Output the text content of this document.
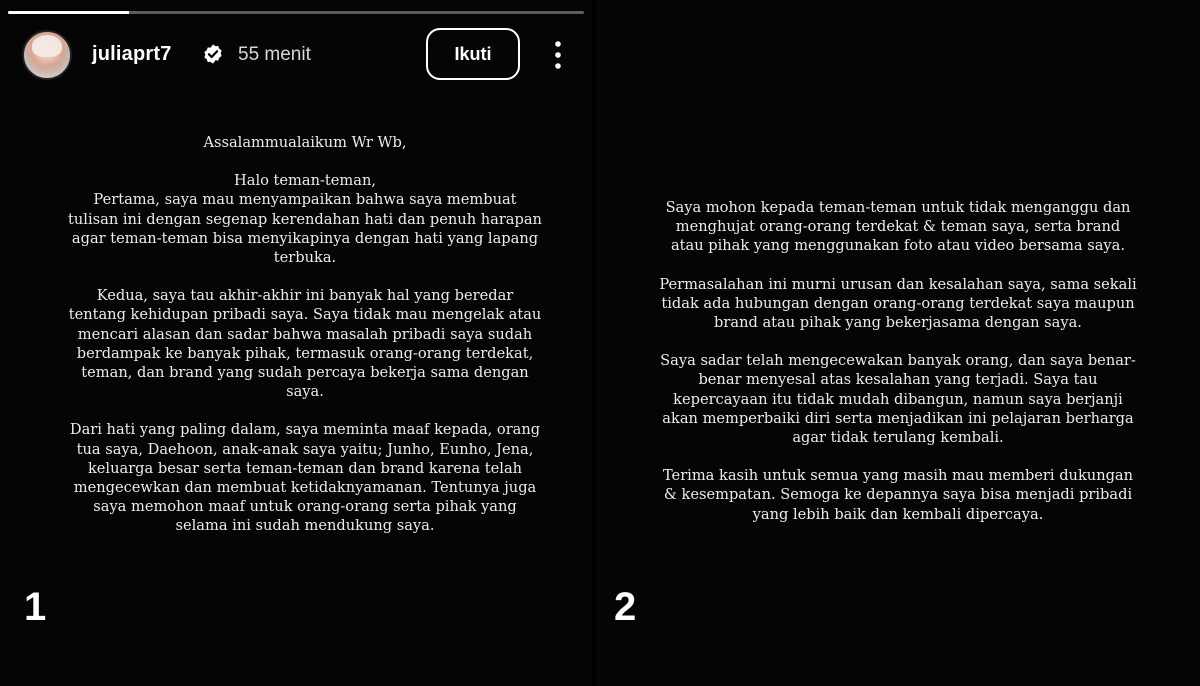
juliaprt7	55 menit	Ikuti

Assalammualaikum Wr Wb,

Halo teman-teman,
Pertama, saya mau menyampaikan bahwa saya membuat
tulisan ini dengan segenap kerendahan hati dan penuh harapan
agar teman-teman bisa menyikapinya dengan hati yang lapang
terbuka.

Kedua, saya tau akhir-akhir ini banyak hal yang beredar
tentang kehidupan pribadi saya. Saya tidak mau mengelak atau
mencari alasan dan sadar bahwa masalah pribadi saya sudah
berdampak ke banyak pihak, termasuk orang-orang terdekat,
teman, dan brand yang sudah percaya bekerja sama dengan
saya.

Dari hati yang paling dalam, saya meminta maaf kepada, orang
tua saya, Daehoon, anak-anak saya yaitu; Junho, Eunho, Jena,
keluarga besar serta teman-teman dan brand karena telah
mengecewkan dan membuat ketidaknyamanan. Tentunya juga
saya memohon maaf untuk orang-orang serta pihak yang
selama ini sudah mendukung saya.

1

Saya mohon kepada teman-teman untuk tidak menganggu dan
menghujat orang-orang terdekat & teman saya, serta brand
atau pihak yang menggunakan foto atau video bersama saya.

Permasalahan ini murni urusan dan kesalahan saya, sama sekali
tidak ada hubungan dengan orang-orang terdekat saya maupun
brand atau pihak yang bekerjasama dengan saya.

Saya sadar telah mengecewakan banyak orang, dan saya benar-
benar menyesal atas kesalahan yang terjadi. Saya tau
kepercayaan itu tidak mudah dibangun, namun saya berjanji
akan memperbaiki diri serta menjadikan ini pelajaran berharga
agar tidak terulang kembali.

Terima kasih untuk semua yang masih mau memberi dukungan
& kesempatan. Semoga ke depannya saya bisa menjadi pribadi
yang lebih baik dan kembali dipercaya.

2
